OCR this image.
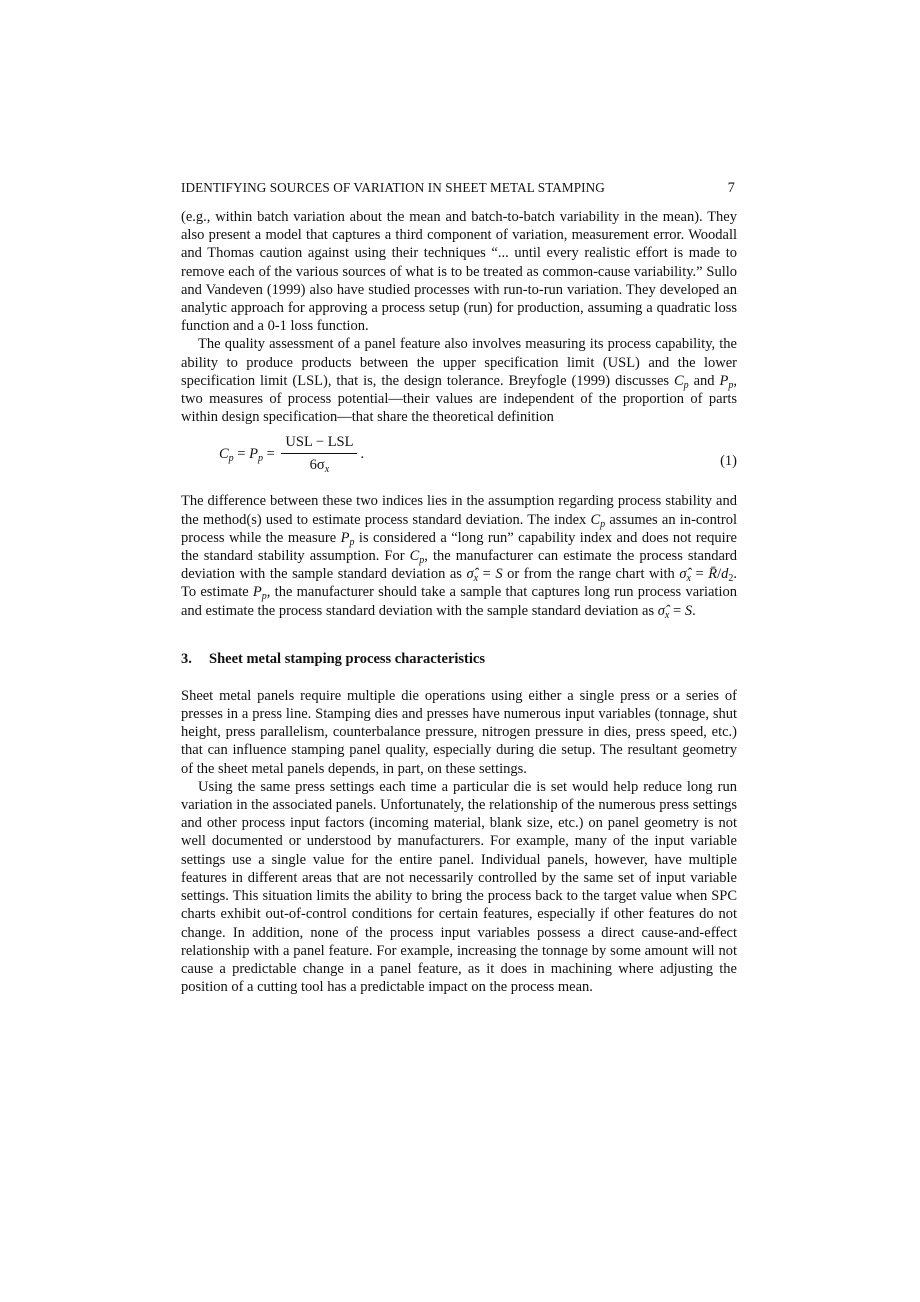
IDENTIFYING SOURCES OF VARIATION IN SHEET METAL STAMPING	7

(e.g., within batch variation about the mean and batch-to-batch variability in the mean). They also present a model that captures a third component of variation, measurement error. Woodall and Thomas caution against using their techniques “... until every realistic effort is made to remove each of the various sources of what is to be treated as common-cause variability.” Sullo and Vandeven (1999) also have studied processes with run-to-run variation. They developed an analytic approach for approving a process setup (run) for production, assuming a quadratic loss function and a 0-1 loss function.

The quality assessment of a panel feature also involves measuring its process capability, the ability to produce products between the upper specification limit (USL) and the lower specification limit (LSL), that is, the design tolerance. Breyfogle (1999) discusses $C_p$ and $P_p$, two measures of process potential—their values are independent of the proportion of parts within design specification—that share the theoretical definition

$C_p = P_p = \frac{\text{USL − LSL}}{6\sigma_x}$ .	(1)

The difference between these two indices lies in the assumption regarding process stability and the method(s) used to estimate process standard deviation. The index $C_p$ assumes an in-control process while the measure $P_p$ is considered a “long run” capability index and does not require the standard stability assumption. For $C_p$, the manufacturer can estimate the process standard deviation with the sample standard deviation as $\sigmâ_x = S$ or from the range chart with $\sigmâ_x$ = $R̄/d_2$. To estimate $P_p$, the manufacturer should take a sample that captures long run process variation and estimate the process standard deviation with the sample standard deviation as $\sigmâ_x = S$.

3. Sheet metal stamping process characteristics

Sheet metal panels require multiple die operations using either a single press or a series of presses in a press line. Stamping dies and presses have numerous input variables (tonnage, shut height, press parallelism, counterbalance pressure, nitrogen pressure in dies, press speed, etc.) that can influence stamping panel quality, especially during die setup. The resultant geometry of the sheet metal panels depends, in part, on these settings.

Using the same press settings each time a particular die is set would help reduce long run variation in the associated panels. Unfortunately, the relationship of the numerous press settings and other process input factors (incoming material, blank size, etc.) on panel geometry is not well documented or understood by manufacturers. For example, many of the input variable settings use a single value for the entire panel. Individual panels, however, have multiple features in different areas that are not necessarily controlled by the same set of input variable settings. This situation limits the ability to bring the process back to the target value when SPC charts exhibit out-of-control conditions for certain features, especially if other features do not change. In addition, none of the process input variables possess a direct cause-and-effect relationship with a panel feature. For example, increasing the tonnage by some amount will not cause a predictable change in a panel feature, as it does in machining where adjusting the position of a cutting tool has a predictable impact on the process mean.
